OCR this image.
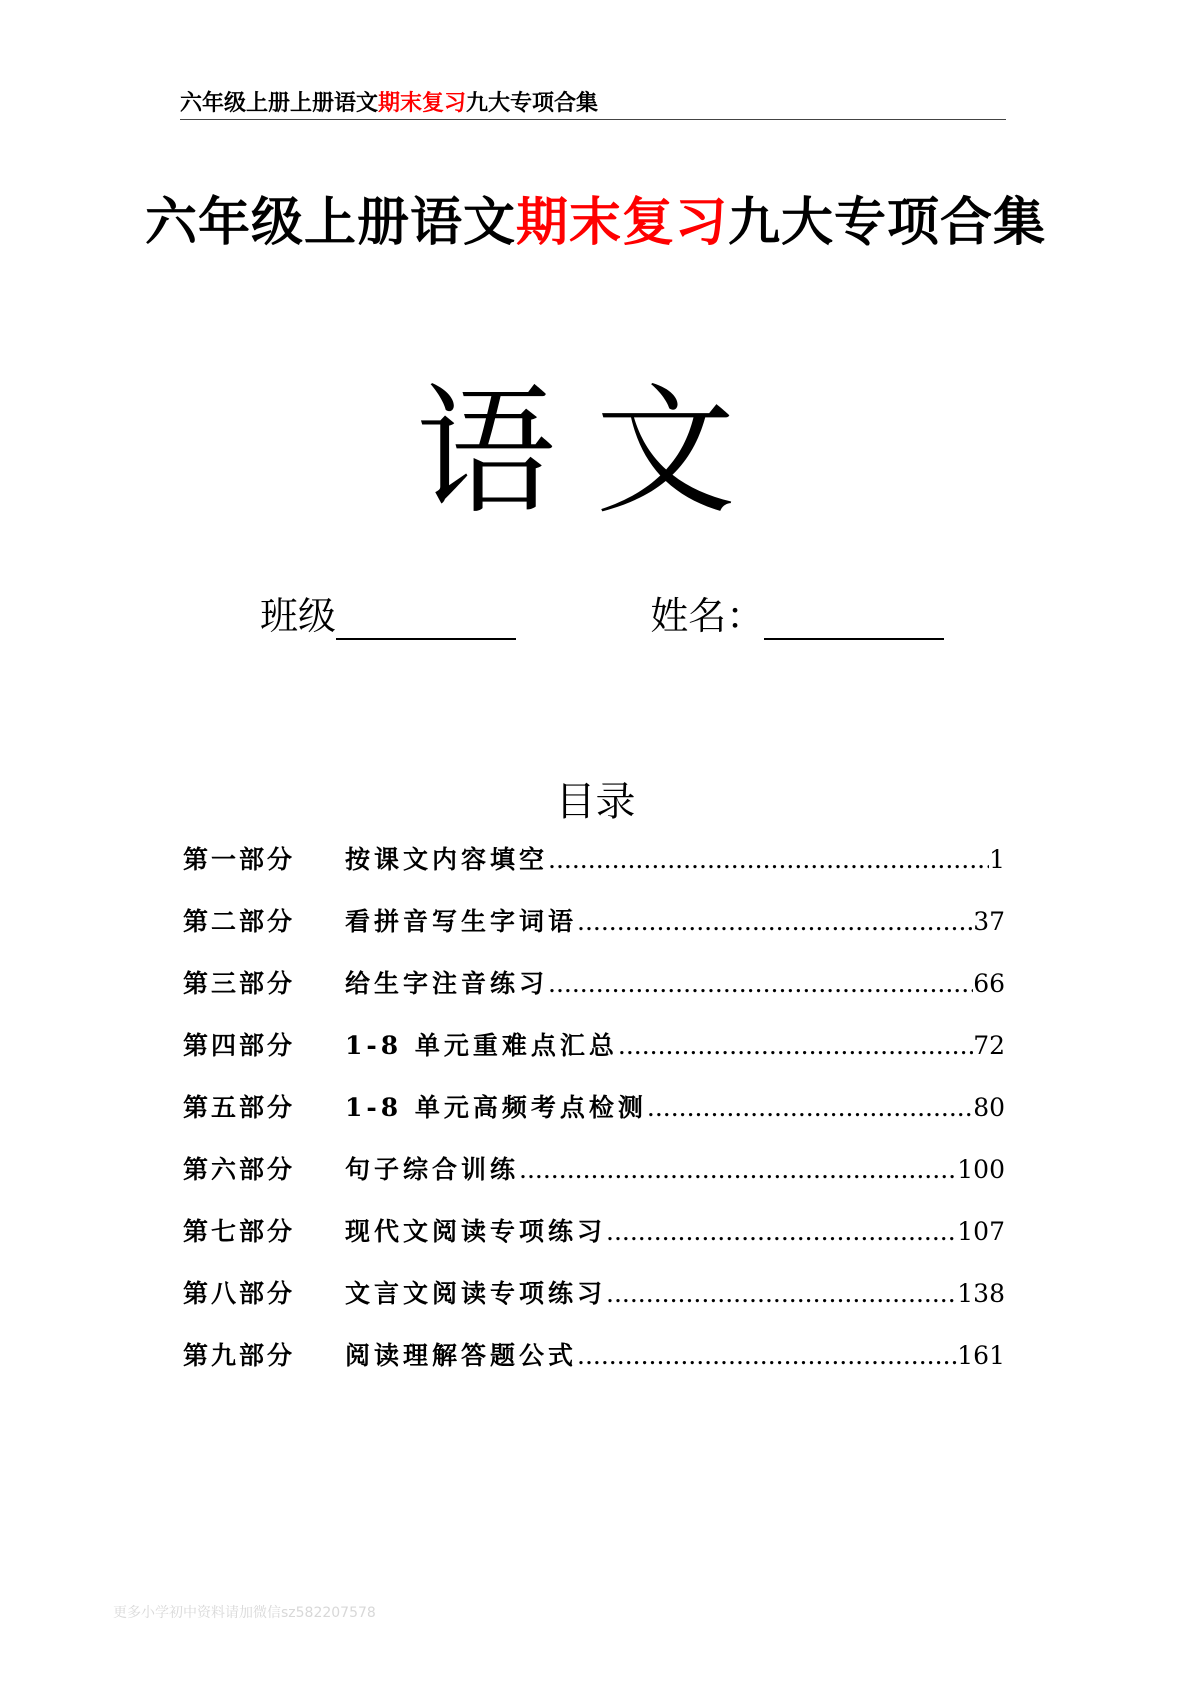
六年级上册上册语文期末复习九大专项合集
六年级上册语文期末复习九大专项合集
语文
班级	姓名：
目录
第一部分	按课文内容填空 .....	1
第二部分	看拼音写生字词语 .....	37
第三部分	给生字注音练习 .....	66
第四部分	1-8 单元重难点汇总 .....	72
第五部分	1-8 单元高频考点检测 .....	80
第六部分	句子综合训练 .....	100
第七部分	现代文阅读专项练习 .....	107
第八部分	文言文阅读专项练习 .....	138
第九部分	阅读理解答题公式 .....	161
更多小学初中资料请加微信sz582207578
